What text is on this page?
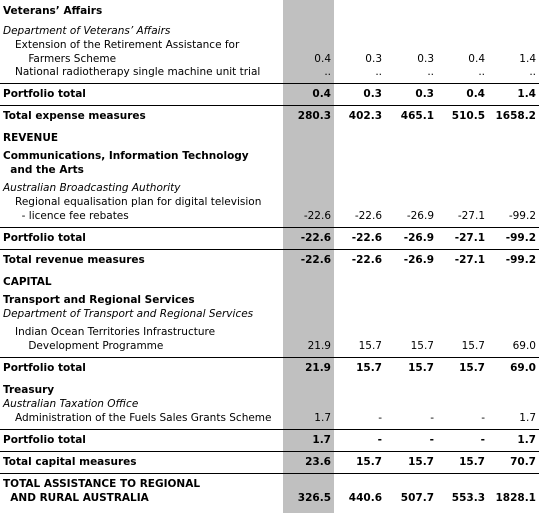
Veterans’ Affairs
Department of Veterans’ Affairs
Extension of the Retirement Assistance for
Farmers Scheme	0.4	0.3	0.3	0.4	1.4
National radiotherapy single machine unit trial	..	..	..	..	..
Portfolio total	0.4	0.3	0.3	0.4	1.4
Total expense measures	280.3	402.3	465.1	510.5 1658.2
REVENUE
Communications, Information Technology
and the Arts
Australian Broadcasting Authority
Regional equalisation plan for digital television
- licence fee rebates	-22.6	-22.6	-26.9	-27.1	-99.2
Portfolio total	-22.6	-22.6	-26.9	-27.1	-99.2
Total revenue measures	-22.6	-22.6	-26.9	-27.1	-99.2
CAPITAL
Transport and Regional Services
Department of Transport and Regional Services
Indian Ocean Territories Infrastructure
Development Programme	21.9	15.7	15.7	15.7	69.0
Portfolio total	21.9	15.7	15.7	15.7	69.0
Treasury
Australian Taxation Office
Administration of the Fuels Sales Grants Scheme	1.7	-	-	-	1.7
Portfolio total	1.7	-	-	-	1.7
Total capital measures	23.6	15.7	15.7	15.7	70.7
TOTAL ASSISTANCE TO REGIONAL
AND RURAL AUSTRALIA	326.5	440.6	507.7	553.3 1828.1
